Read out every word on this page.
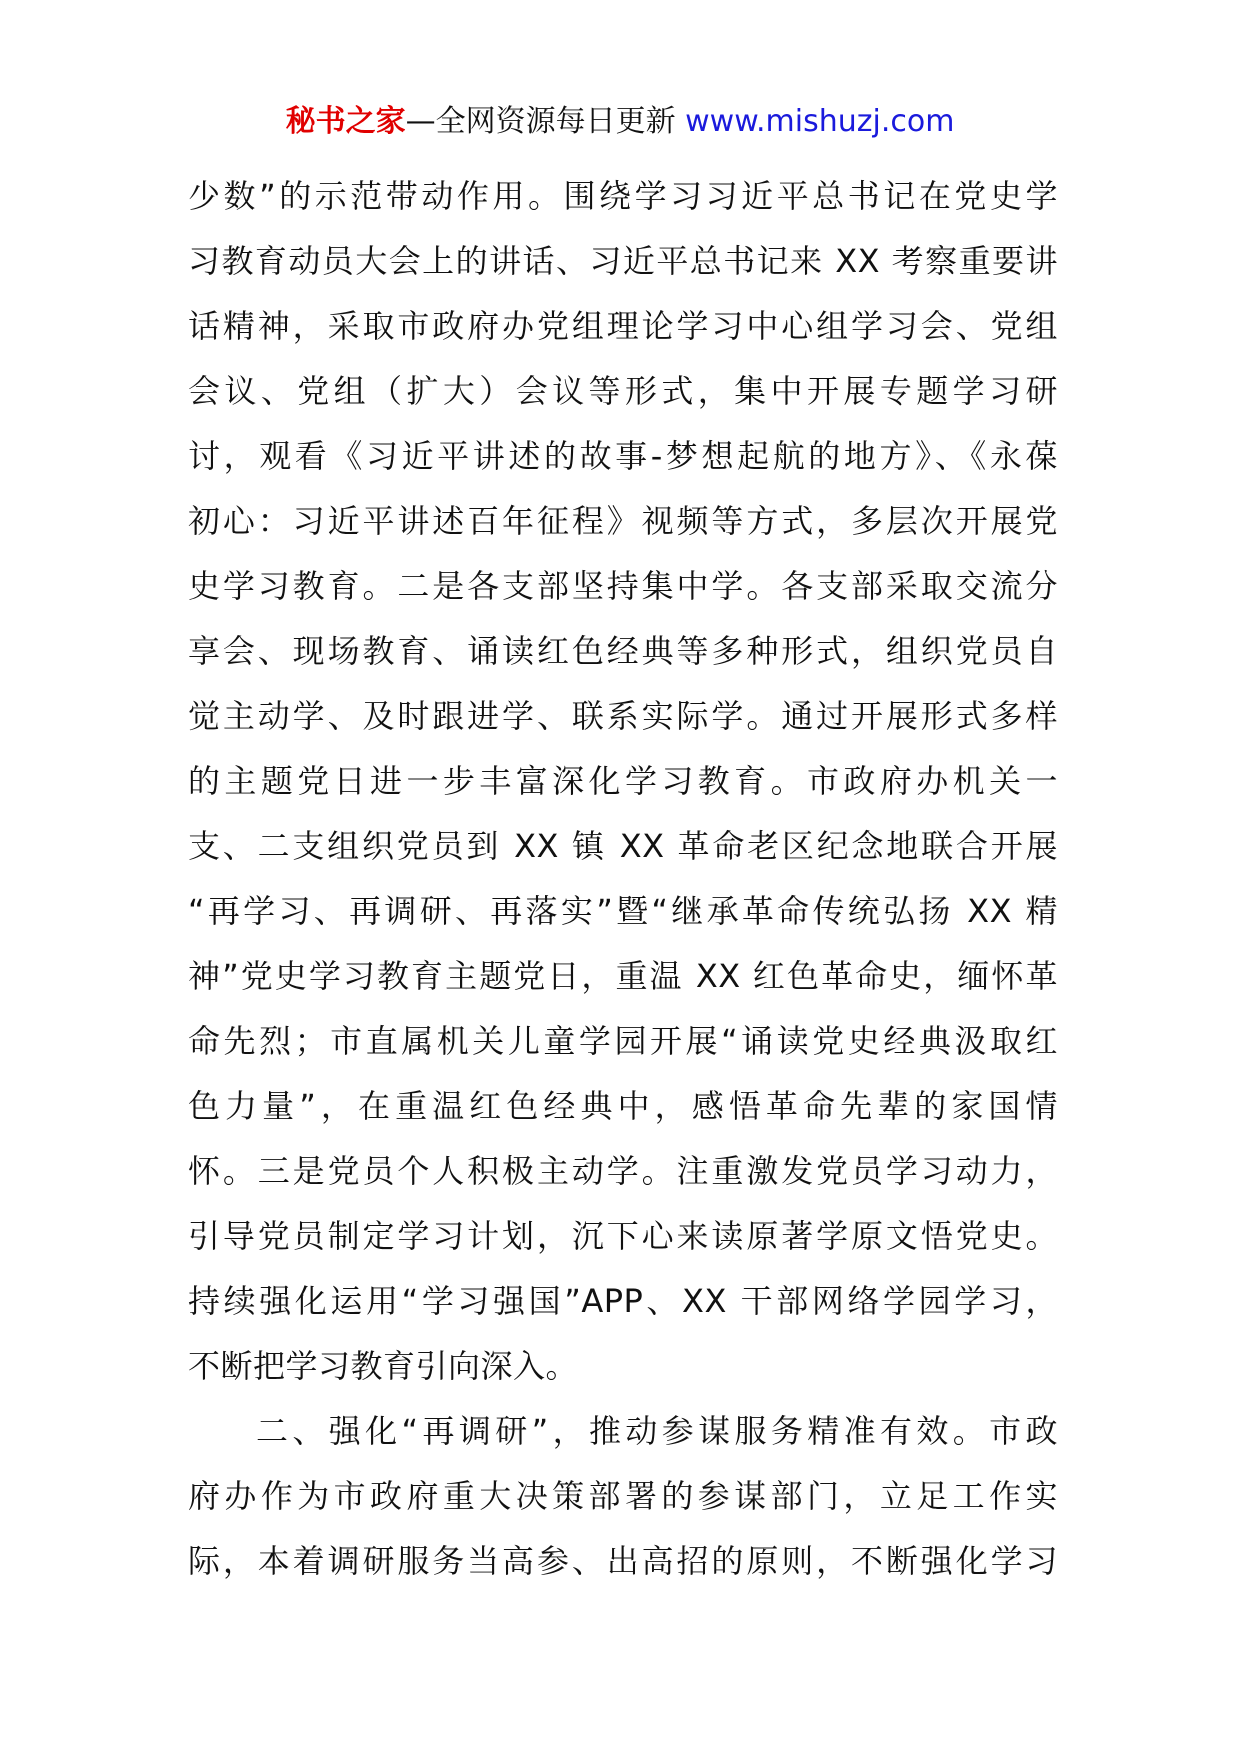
秘书之家—全网资源每日更新 www.mishuzj.com
少数”的示范带动作用。围绕学习习近平总书记在党史学
习教育动员大会上的讲话、习近平总书记来 XX 考察重要讲
话精神，采取市政府办党组理论学习中心组学习会、党组
会议、党组（扩大）会议等形式，集中开展专题学习研
讨，观看《习近平讲述的故事-梦想起航的地方》、《永葆
初心：习近平讲述百年征程》视频等方式，多层次开展党
史学习教育。二是各支部坚持集中学。各支部采取交流分
享会、现场教育、诵读红色经典等多种形式，组织党员自
觉主动学、及时跟进学、联系实际学。通过开展形式多样
的主题党日进一步丰富深化学习教育。市政府办机关一
支、二支组织党员到 XX 镇 XX 革命老区纪念地联合开展
“再学习、再调研、再落实”暨“继承革命传统弘扬 XX 精
神”党史学习教育主题党日，重温 XX 红色革命史，缅怀革
命先烈；市直属机关儿童学园开展“诵读党史经典汲取红
色力量”，在重温红色经典中，感悟革命先辈的家国情
怀。三是党员个人积极主动学。注重激发党员学习动力，
引导党员制定学习计划，沉下心来读原著学原文悟党史。
持续强化运用“学习强国”APP、XX 干部网络学园学习，
不断把学习教育引向深入。
二、强化“再调研”，推动参谋服务精准有效。市政
府办作为市政府重大决策部署的参谋部门，立足工作实
际，本着调研服务当高参、出高招的原则，不断强化学习
